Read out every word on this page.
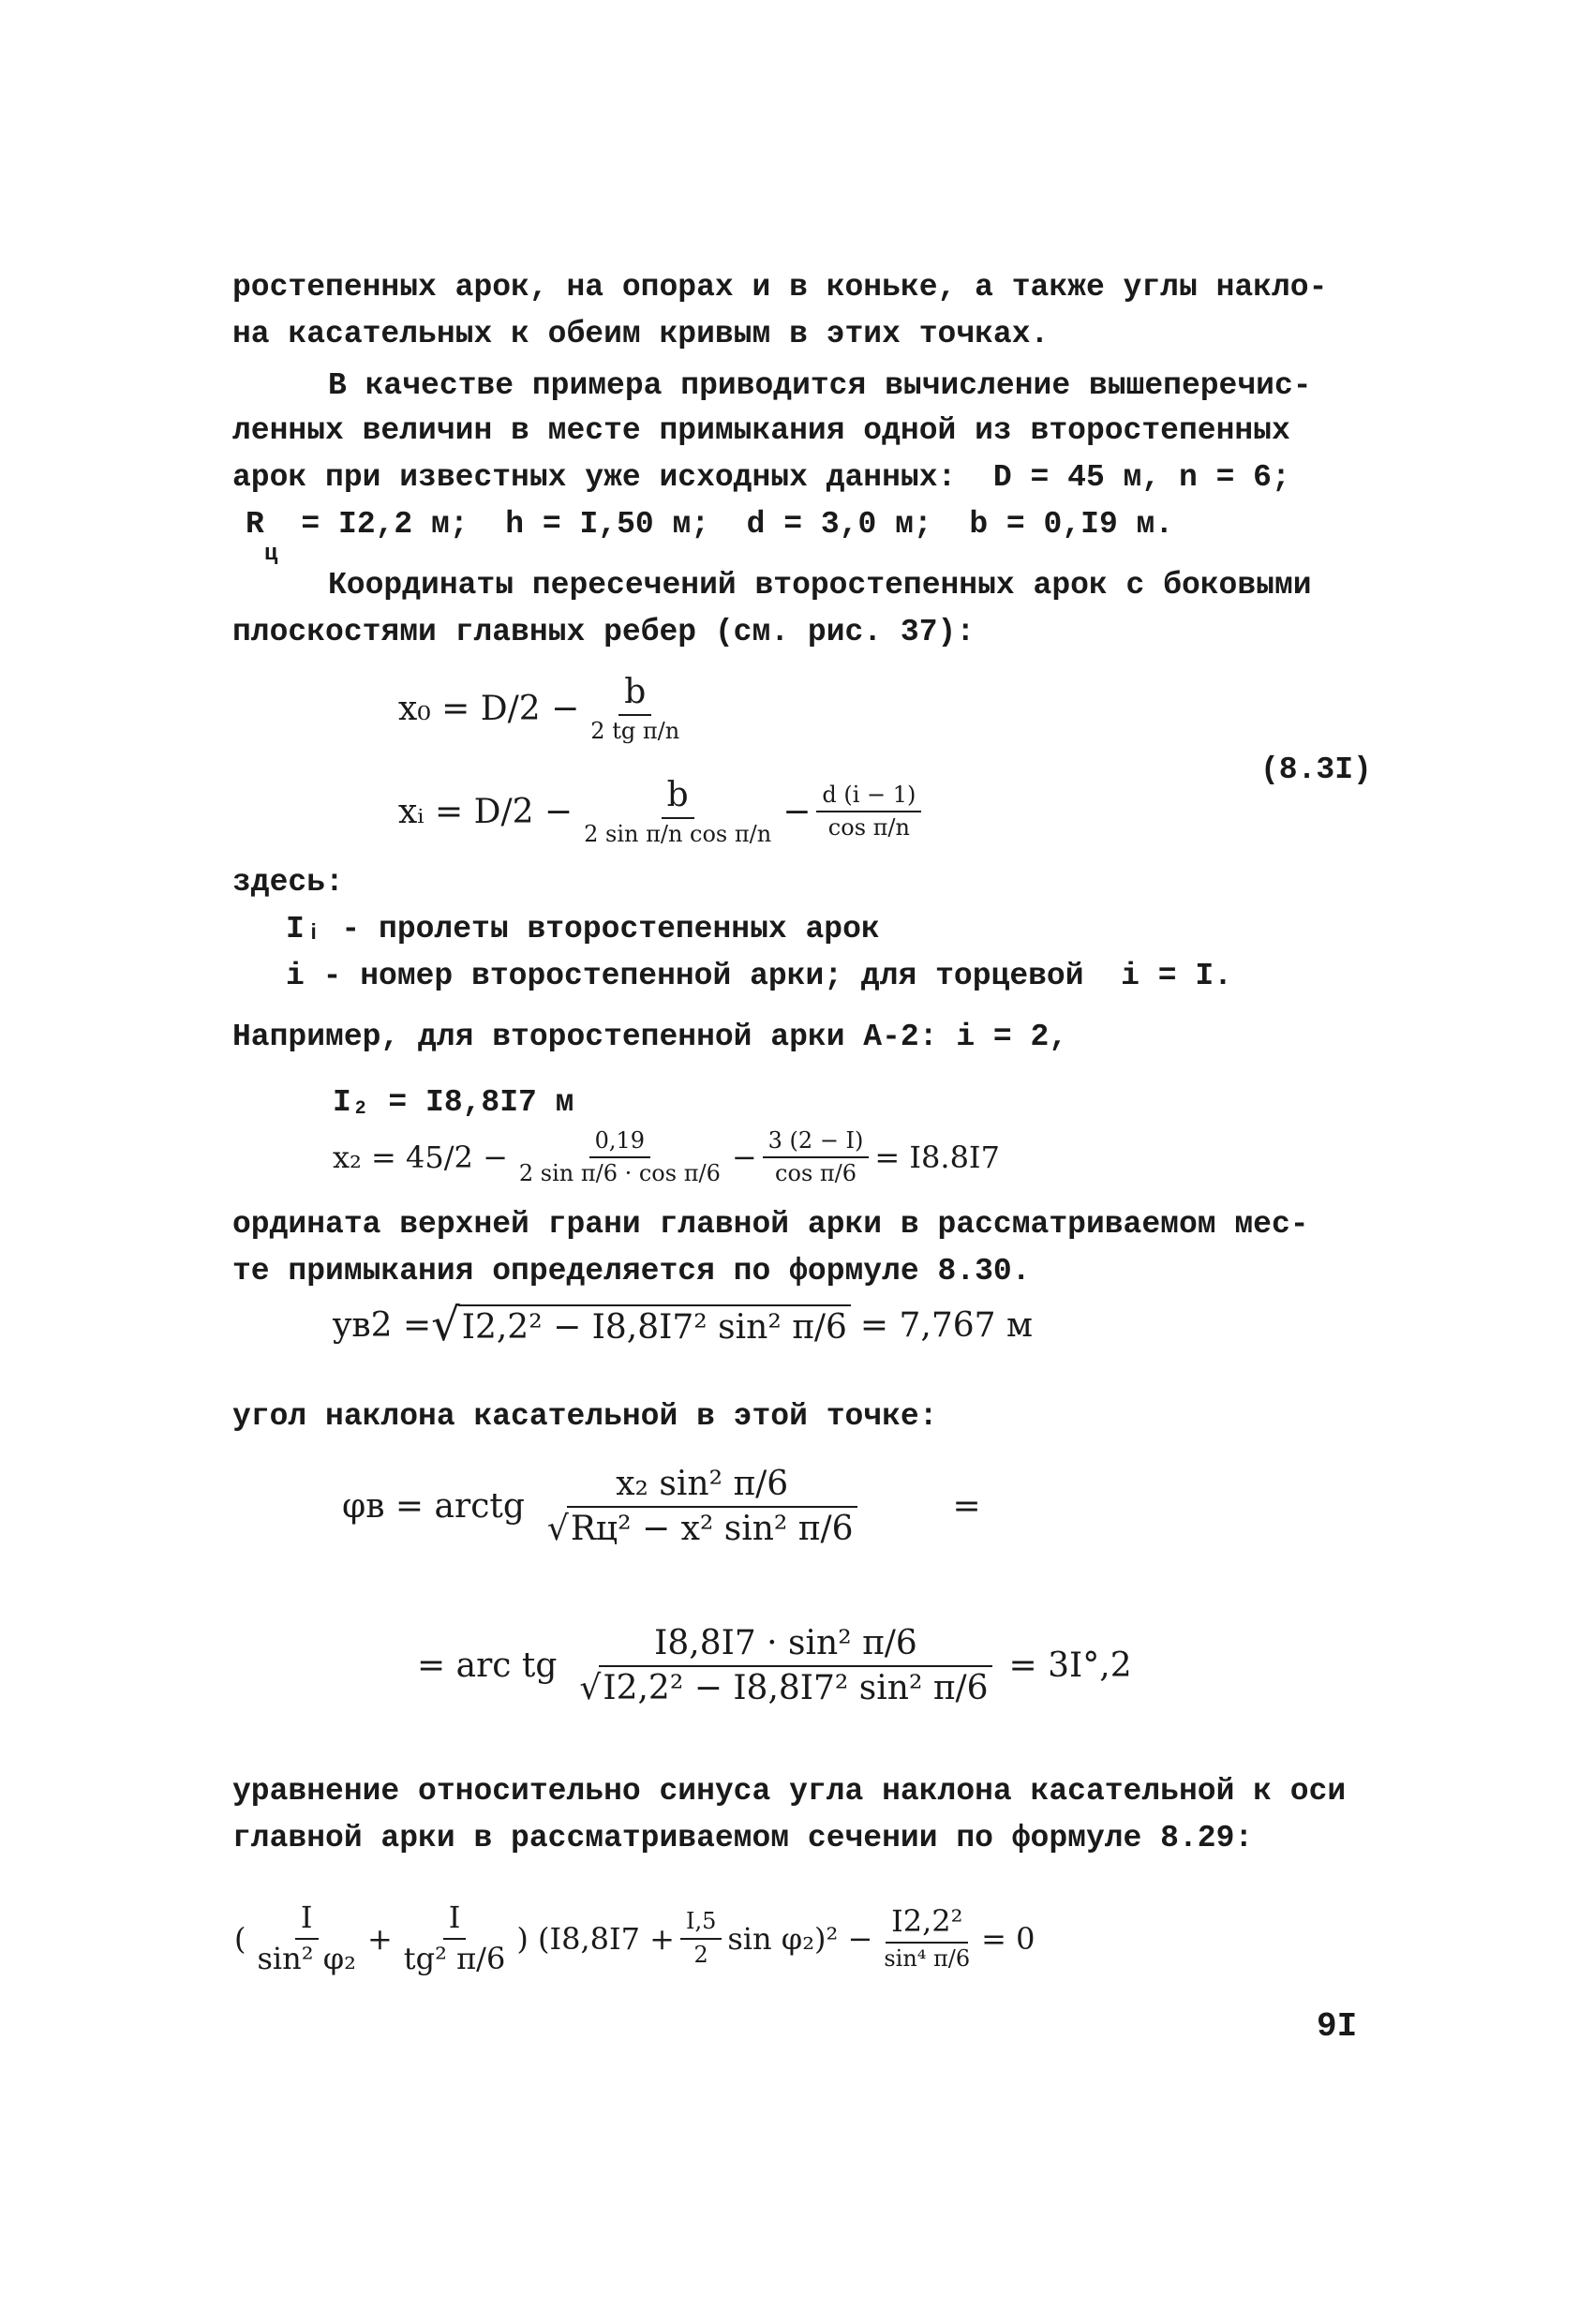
ростепенных арок, на опорах и в коньке, а также углы накло-
на касательных к обеим кривым в этих точках.
В качестве примера приводится вычисление вышеперечис-
ленных величин в месте примыкания одной из второстепенных
арок при известных уже исходных данных:  D = 45 м, n = 6;
R  = I2,2 м;  h = I,50 м;  d = 3,0 м;  b = 0,I9 м.
ц
Координаты пересечений второстепенных арок с боковыми
плоскостями главных ребер (см. рис. 37):
$x_0 = D/2 - \frac{b}{\text{2 tg π/n}}$
(8.3I)
xᵢ = $D/2 - \frac{b}{\text{2 sin π/n cos π/n}} - \frac{d (i - 1)}{\text{cos π/n}}$
здесь:
Iᵢ - пролеты второстепенных арок
i - номер второстепенной арки; для торцевой  i = I.
Например, для второстепенной арки A-2: i = 2,
I₂ = I8,8I7 м
$x_2 = 45/2 - \frac{0,19}{\text{2 sin π/6 · cos π/6}} - \frac{3 (2 - I)}{\text{cos π/6}} = I8.8I7$
ордината верхней грани главной арки в рассматриваемом мес-
те примыкания определяется по формуле 8.30.
yв2 = √ I2,2² − I8,8I7² sin² π/6 = 7,767 м
угол наклона касательной в этой точке:
φв = arctg $\frac{\text{x₂ sin² π/6}}{\text{√Rц² − x² sin² π/6}}$	=
= arc tg $\frac{\text{I8,8I7 · sin² π/6}}{\text{√I2,2² − I8,8I7² sin² π/6}} = 3I^\circ,2$
уравнение относительно синуса угла наклона касательной к оси
главной арки в рассматриваемом сечении по формуле 8.29:
( $\frac{I}{\text{sin² φ₂}} + \frac{I}{\text{tg² π/6}}$ ) ($I8,8I7 + \frac{I,5}{2}$ $\sin \varphi_2)^2 - \frac{\text{I2,2²}}{\text{sin⁴ π/6}} = 0$
9I
